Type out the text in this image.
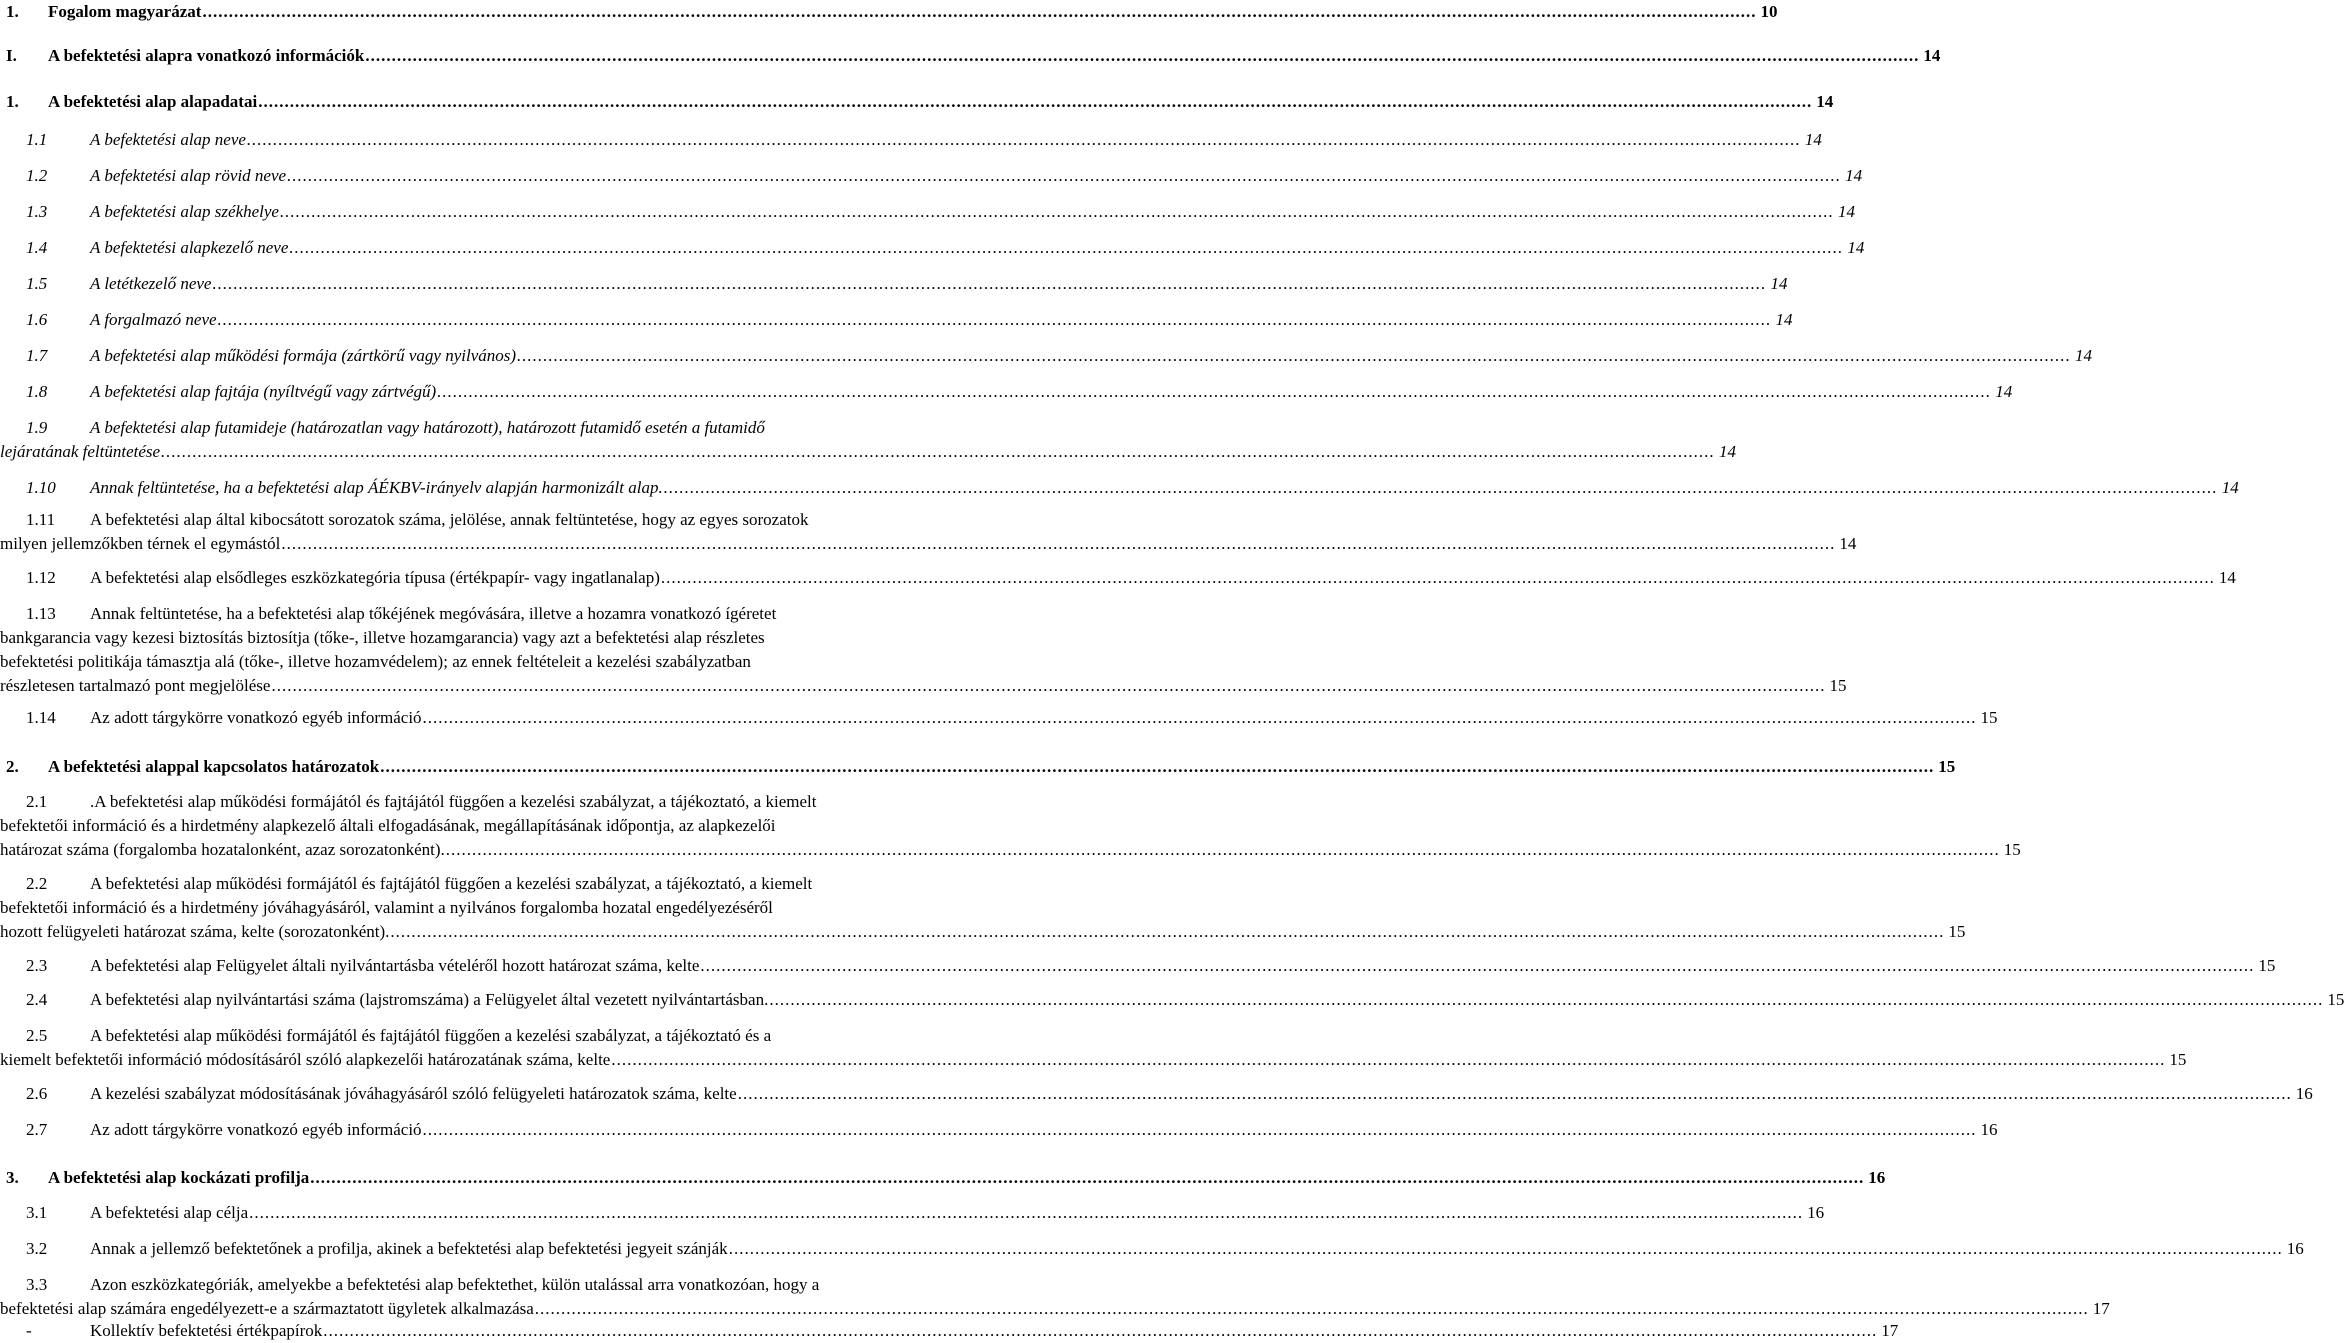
1.	Fogalom magyarázat .....	10
I.	A befektetési alapra vonatkozó információk .....	14
1.	A befektetési alap alapadatai .....	14
1.1	A befektetési alap neve .....	14
1.2	A befektetési alap rövid neve .....	14
1.3	A befektetési alap székhelye .....	14
1.4	A befektetési alapkezelő neve .....	14
1.5	A letétkezelő neve .....	14
1.6	A forgalmazó neve .....	14
1.7	A befektetési alap működési formája (zártkörű vagy nyilvános) .....	14
1.8	A befektetési alap fajtája (nyíltvégű vagy zártvégű) .....	14
1.9	A befektetési alap futamideje (határozatlan vagy határozott), határozott futamidő esetén a futamidő
lejáratának feltüntetése .....	14
1.10	Annak feltüntetése, ha a befektetési alap ÁÉKBV-irányelv alapján harmonizált alap. .....	14
1.11	A befektetési alap által kibocsátott sorozatok száma, jelölése, annak feltüntetése, hogy az egyes sorozatok
milyen jellemzőkben térnek el egymástól .....	14
1.12	A befektetési alap elsődleges eszközkategória típusa (értékpapír- vagy ingatlanalap) .....	14
1.13	Annak feltüntetése, ha a befektetési alap tőkéjének megóvására, illetve a hozamra vonatkozó ígéretet
bankgarancia vagy kezesi biztosítás biztosítja (tőke-, illetve hozamgarancia) vagy azt a befektetési alap részletes
befektetési politikája támasztja alá (tőke-, illetve hozamvédelem); az ennek feltételeit a kezelési szabályzatban
részletesen tartalmazó pont megjelölése .....	15
1.14	Az adott tárgykörre vonatkozó egyéb információ .....	15
2.	A befektetési alappal kapcsolatos határozatok .....	15
2.1	.A befektetési alap működési formájától és fajtájától függően a kezelési szabályzat, a tájékoztató, a kiemelt
befektetői információ és a hirdetmény alapkezelő általi elfogadásának, megállapításának időpontja, az alapkezelői
határozat száma (forgalomba hozatalonként, azaz sorozatonként). .....	15
2.2	A befektetési alap működési formájától és fajtájától függően a kezelési szabályzat, a tájékoztató, a kiemelt
befektetői információ és a hirdetmény jóváhagyásáról, valamint a nyilvános forgalomba hozatal engedélyezéséről
hozott felügyeleti határozat száma, kelte (sorozatonként). .....	15
2.3	A befektetési alap Felügyelet általi nyilvántartásba vételéről hozott határozat száma, kelte .....	15
2.4	A befektetési alap nyilvántartási száma (lajstromszáma) a Felügyelet által vezetett nyilvántartásban. .....	15
2.5	A befektetési alap működési formájától és fajtájától függően a kezelési szabályzat, a tájékoztató és a
kiemelt befektetői információ módosításáról szóló alapkezelői határozatának száma, kelte .....	15
2.6	A kezelési szabályzat módosításának jóváhagyásáról szóló felügyeleti határozatok száma, kelte .....	16
2.7	Az adott tárgykörre vonatkozó egyéb információ .....	16
3.	A befektetési alap kockázati profilja .....	16
3.1	A befektetési alap célja .....	16
3.2	Annak a jellemző befektetőnek a profilja, akinek a befektetési alap befektetési jegyeit szánják .....	16
3.3	Azon eszközkategóriák, amelyekbe a befektetési alap befektethet, külön utalással arra vonatkozóan, hogy a
befektetési alap számára engedélyezett-e a származtatott ügyletek alkalmazása .....	17
-	Kollektív befektetési értékpapírok .....	17
